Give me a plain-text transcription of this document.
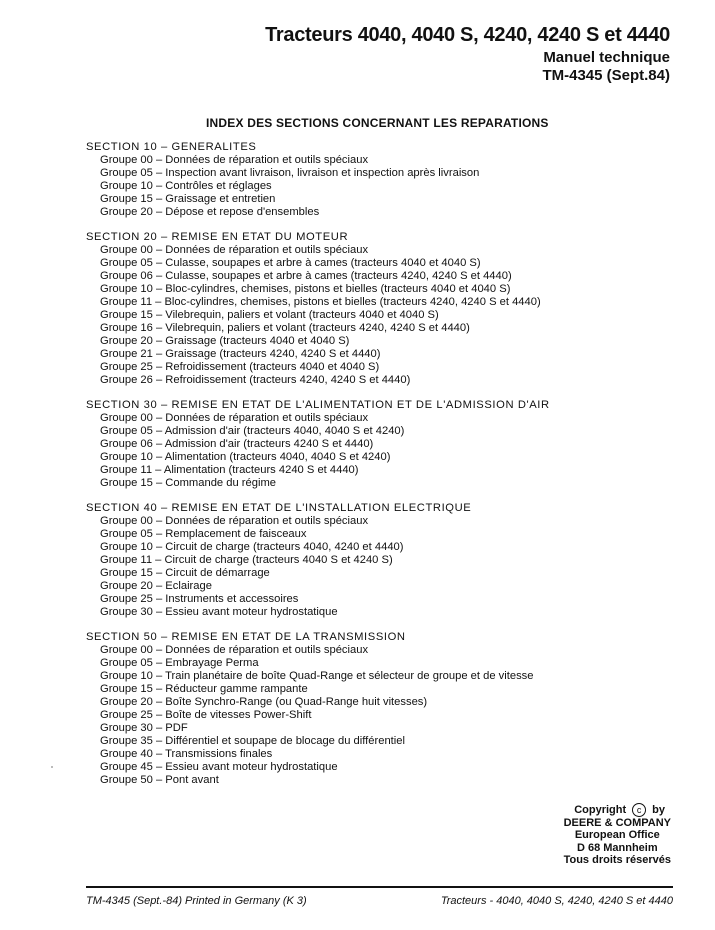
Tracteurs 4040, 4040 S, 4240, 4240 S et 4440
Manuel technique
TM-4345 (Sept.84)
INDEX DES SECTIONS CONCERNANT LES REPARATIONS
SECTION 10 – GENERALITES
Groupe 00 – Données de réparation et outils spéciaux
Groupe 05 – Inspection avant livraison, livraison et inspection après livraison
Groupe 10 – Contrôles et réglages
Groupe 15 – Graissage et entretien
Groupe 20 – Dépose et repose d'ensembles
SECTION 20 – REMISE EN ETAT DU MOTEUR
Groupe 00 – Données de réparation et outils spéciaux
Groupe 05 – Culasse, soupapes et arbre à cames (tracteurs 4040 et 4040 S)
Groupe 06 – Culasse, soupapes et arbre à cames (tracteurs 4240, 4240 S et 4440)
Groupe 10 – Bloc-cylindres, chemises, pistons et bielles (tracteurs 4040 et 4040 S)
Groupe 11 – Bloc-cylindres, chemises, pistons et bielles (tracteurs 4240, 4240 S et 4440)
Groupe 15 – Vilebrequin, paliers et volant (tracteurs 4040 et 4040 S)
Groupe 16 – Vilebrequin, paliers et volant (tracteurs 4240, 4240 S et 4440)
Groupe 20 – Graissage (tracteurs 4040 et 4040 S)
Groupe 21 – Graissage (tracteurs 4240, 4240 S et 4440)
Groupe 25 – Refroidissement (tracteurs 4040 et 4040 S)
Groupe 26 – Refroidissement (tracteurs 4240, 4240 S et 4440)
SECTION 30 – REMISE EN ETAT DE L'ALIMENTATION ET DE L'ADMISSION D'AIR
Groupe 00 – Données de réparation et outils spéciaux
Groupe 05 – Admission d'air (tracteurs 4040, 4040 S et 4240)
Groupe 06 – Admission d'air (tracteurs 4240 S et 4440)
Groupe 10 – Alimentation (tracteurs 4040, 4040 S et 4240)
Groupe 11 – Alimentation (tracteurs 4240 S et 4440)
Groupe 15 – Commande du régime
SECTION 40 – REMISE EN ETAT DE L'INSTALLATION ELECTRIQUE
Groupe 00 – Données de réparation et outils spéciaux
Groupe 05 – Remplacement de faisceaux
Groupe 10 – Circuit de charge (tracteurs 4040, 4240 et 4440)
Groupe 11 – Circuit de charge (tracteurs 4040 S et 4240 S)
Groupe 15 – Circuit de démarrage
Groupe 20 – Eclairage
Groupe 25 – Instruments et accessoires
Groupe 30 – Essieu avant moteur hydrostatique
SECTION 50 – REMISE EN ETAT DE LA TRANSMISSION
Groupe 00 – Données de réparation et outils spéciaux
Groupe 05 – Embrayage Perma
Groupe 10 – Train planétaire de boîte Quad-Range et sélecteur de groupe et de vitesse
Groupe 15 – Réducteur gamme rampante
Groupe 20 – Boîte Synchro-Range (ou Quad-Range huit vitesses)
Groupe 25 – Boîte de vitesses Power-Shift
Groupe 30 – PDF
Groupe 35 – Différentiel et soupape de blocage du différentiel
Groupe 40 – Transmissions finales
Groupe 45 – Essieu avant moteur hydrostatique
Groupe 50 – Pont avant
Copyright	c by
DEERE & COMPANY
European Office
D 68 Mannheim
Tous droits réservés
TM-4345 (Sept.-84) Printed in Germany (K 3)	Tracteurs - 4040, 4040 S, 4240, 4240 S et 4440
